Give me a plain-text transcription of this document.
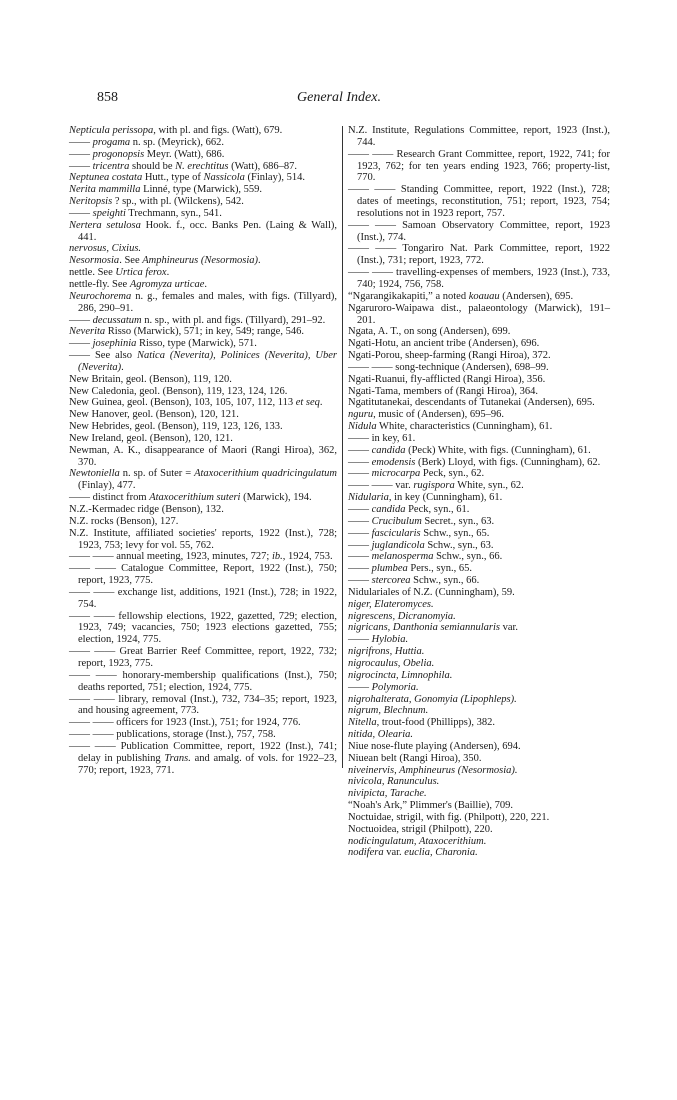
858	General Index.

Nepticula perissopa, with pl. and figs. (Watt), 679.

—— progama n. sp. (Meyrick), 662.

—— progonopsis Meyr. (Watt), 686.

—— tricentra should be N. erechtitus (Watt), 686–87.

Neptunea costata Hutt., type of Nassicola (Finlay), 514.

Nerita mammilla Linné, type (Marwick), 559.

Neritopsis ? sp., with pl. (Wilckens), 542.

—— speighti Trechmann, syn., 541.

Nertera setulosa Hook. f., occ. Banks Pen. (Laing & Wall), 441.

nervosus, Cixius.

Nesormosia. See Amphineurus (Nesormosia).

nettle. See Urtica ferox.

nettle-fly. See Agromyza urticae.

Neurochorema n. g., females and males, with figs. (Tillyard), 286, 290–91.

—— decussatum n. sp., with pl. and figs. (Tillyard), 291–92.

Neverita Risso (Marwick), 571; in key, 549; range, 546.

—— josephinia Risso, type (Marwick), 571.

—— See also Natica (Neverita), Polinices (Neverita), Uber (Neverita).

New Britain, geol. (Benson), 119, 120.

New Caledonia, geol. (Benson), 119, 123, 124, 126.

New Guinea, geol. (Benson), 103, 105, 107, 112, 113 et seq.

New Hanover, geol. (Benson), 120, 121.

New Hebrides, geol. (Benson), 119, 123, 126, 133.

New Ireland, geol. (Benson), 120, 121.

Newman, A. K., disappearance of Maori (Rangi Hiroa), 362, 370.

Newtoniella n. sp. of Suter = Ataxocerithium quadricingulatum (Finlay), 477.

—— distinct from Ataxocerithium suteri (Marwick), 194.

N.Z.-Kermadec ridge (Benson), 132.

N.Z. rocks (Benson), 127.

N.Z. Institute, affiliated societies' reports, 1922 (Inst.), 728; 1923, 753; levy for vol. 55, 762.

—— —— annual meeting, 1923, minutes, 727; ib., 1924, 753.

—— —— Catalogue Committee, Report, 1922 (Inst.), 750; report, 1923, 775.

—— —— exchange list, additions, 1921 (Inst.), 728; in 1922, 754.

—— —— fellowship elections, 1922, gazetted, 729; election, 1923, 749; vacancies, 750; 1923 elections gazetted, 755; election, 1924, 775.

—— —— Great Barrier Reef Committee, report, 1922, 732; report, 1923, 775.

—— —— honorary-membership qualifications (Inst.), 750; deaths reported, 751; election, 1924, 775.

—— —— library, removal (Inst.), 732, 734–35; report, 1923, and housing agreement, 773.

—— —— officers for 1923 (Inst.), 751; for 1924, 776.

—— —— publications, storage (Inst.), 757, 758.

—— —— Publication Committee, report, 1922 (Inst.), 741; delay in publishing Trans. and amalg. of vols. for 1922–23, 770; report, 1923, 771.

N.Z. Institute, Regulations Committee, report, 1923 (Inst.), 744.

—— —— Research Grant Committee, report, 1922, 741; for 1923, 762; for ten years ending 1923, 766; property-list, 770.

—— —— Standing Committee, report, 1922 (Inst.), 728; dates of meetings, reconstitution, 751; report, 1923, 754; resolutions not in 1923 report, 757.

—— —— Samoan Observatory Committee, report, 1923 (Inst.), 774.

—— —— Tongariro Nat. Park Committee, report, 1922 (Inst.), 731; report, 1923, 772.

—— —— travelling-expenses of members, 1923 (Inst.), 733, 740; 1924, 756, 758.

“Ngarangikakapiti,” a noted koauau (Andersen), 695.

Ngaruroro-Waipawa dist., palaeontology (Marwick), 191–201.

Ngata, A. T., on song (Andersen), 699.

Ngati-Hotu, an ancient tribe (Andersen), 696.

Ngati-Porou, sheep-farming (Rangi Hiroa), 372.

—— —— song-technique (Andersen), 698–99.

Ngati-Ruanui, fly-afflicted (Rangi Hiroa), 356.

Ngati-Tama, members of (Rangi Hiroa), 364.

Ngatitutanekai, descendants of Tutanekai (Andersen), 695.

nguru, music of (Andersen), 695–96.

Nidula White, characteristics (Cunningham), 61.

—— in key, 61.

—— candida (Peck) White, with figs. (Cunningham), 61.

—— emodensis (Berk) Lloyd, with figs. (Cunningham), 62.

—— microcarpa Peck, syn., 62.

—— —— var. rugispora White, syn., 62.

Nidularia, in key (Cunningham), 61.

—— candida Peck, syn., 61.

—— Crucibulum Secret., syn., 63.

—— fascicularis Schw., syn., 65.

—— juglandicola Schw., syn., 63.

—— melanosperma Schw., syn., 66.

—— plumbea Pers., syn., 65.

—— stercorea Schw., syn., 66.

Nidulariales of N.Z. (Cunningham), 59.

niger, Elateromyces.

nigrescens, Dicranomyia.

nigricans, Danthonia semiannularis var.

—— Hylobia.

nigrifrons, Huttia.

nigrocaulus, Obelia.

nigrocincta, Limnophila.

—— Polymoria.

nigrohalterata, Gonomyia (Lipophleps).

nigrum, Blechnum.

Nitella, trout-food (Phillipps), 382.

nitida, Olearia.

Niue nose-flute playing (Andersen), 694.

Niuean belt (Rangi Hiroa), 350.

niveinervis, Amphineurus (Nesormosia).

nivicola, Ranunculus.

nivipicta, Tarache.

“Noah's Ark,” Plimmer's (Baillie), 709.

Noctuidae, strigil, with fig. (Philpott), 220, 221.

Noctuoidea, strigil (Philpott), 220.

nodicingulatum, Ataxocerithium.

nodifera var. euclia, Charonia.
